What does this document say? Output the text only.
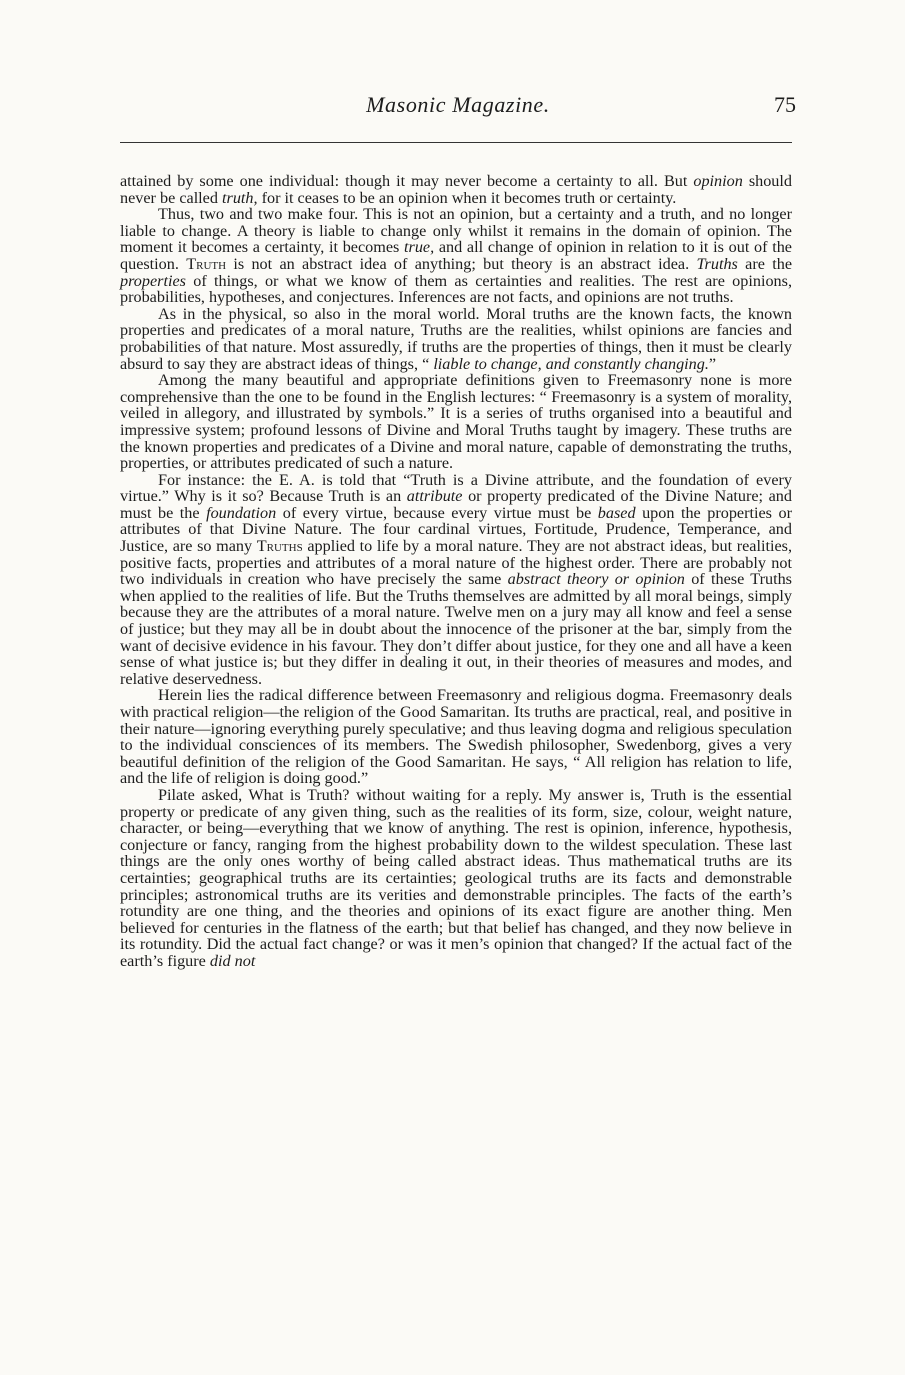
Masonic Magazine.	75

attained by some one individual: though it may never become a certainty to all. But opinion should never be called truth, for it ceases to be an opinion when it becomes truth or certainty.

Thus, two and two make four. This is not an opinion, but a certainty and a truth, and no longer liable to change. A theory is liable to change only whilst it remains in the domain of opinion. The moment it becomes a certainty, it becomes true, and all change of opinion in relation to it is out of the question. Truth is not an abstract idea of anything; but theory is an abstract idea. Truths are the properties of things, or what we know of them as certainties and realities. The rest are opinions, probabilities, hypotheses, and conjectures. Inferences are not facts, and opinions are not truths.

As in the physical, so also in the moral world. Moral truths are the known facts, the known properties and predicates of a moral nature, Truths are the realities, whilst opinions are fancies and probabilities of that nature. Most assuredly, if truths are the properties of things, then it must be clearly absurd to say they are abstract ideas of things, “ liable to change, and constantly changing.”

Among the many beautiful and appropriate definitions given to Freemasonry none is more comprehensive than the one to be found in the English lectures: “ Freemasonry is a system of morality, veiled in allegory, and illustrated by symbols.” It is a series of truths organised into a beautiful and impressive system; profound lessons of Divine and Moral Truths taught by imagery. These truths are the known properties and predicates of a Divine and moral nature, capable of demonstrating the truths, properties, or attributes predicated of such a nature.

For instance: the E. A. is told that “Truth is a Divine attribute, and the foundation of every virtue.” Why is it so? Because Truth is an attribute or property predicated of the Divine Nature; and must be the foundation of every virtue, because every virtue must be based upon the properties or attributes of that Divine Nature. The four cardinal virtues, Fortitude, Prudence, Temperance, and Justice, are so many Truths applied to life by a moral nature. They are not abstract ideas, but realities, positive facts, properties and attributes of a moral nature of the highest order. There are probably not two individuals in creation who have precisely the same abstract theory or opinion of these Truths when applied to the realities of life. But the Truths themselves are admitted by all moral beings, simply because they are the attributes of a moral nature. Twelve men on a jury may all know and feel a sense of justice; but they may all be in doubt about the innocence of the prisoner at the bar, simply from the want of decisive evidence in his favour. They don’t differ about justice, for they one and all have a keen sense of what justice is; but they differ in dealing it out, in their theories of measures and modes, and relative deservedness.

Herein lies the radical difference between Freemasonry and religious dogma. Freemasonry deals with practical religion—the religion of the Good Samaritan. Its truths are practical, real, and positive in their nature—ignoring everything purely speculative; and thus leaving dogma and religious speculation to the individual consciences of its members. The Swedish philosopher, Swedenborg, gives a very beautiful definition of the religion of the Good Samaritan. He says, “ All religion has relation to life, and the life of religion is doing good.”

Pilate asked, What is Truth? without waiting for a reply. My answer is, Truth is the essential property or predicate of any given thing, such as the realities of its form, size, colour, weight nature, character, or being—everything that we know of anything. The rest is opinion, inference, hypothesis, conjecture or fancy, ranging from the highest probability down to the wildest speculation. These last things are the only ones worthy of being called abstract ideas. Thus mathematical truths are its certainties; geographical truths are its certainties; geological truths are its facts and demonstrable principles; astronomical truths are its verities and demonstrable principles. The facts of the earth’s rotundity are one thing, and the theories and opinions of its exact figure are another thing. Men believed for centuries in the flatness of the earth; but that belief has changed, and they now believe in its rotundity. Did the actual fact change? or was it men’s opinion that changed? If the actual fact of the earth’s figure did not
